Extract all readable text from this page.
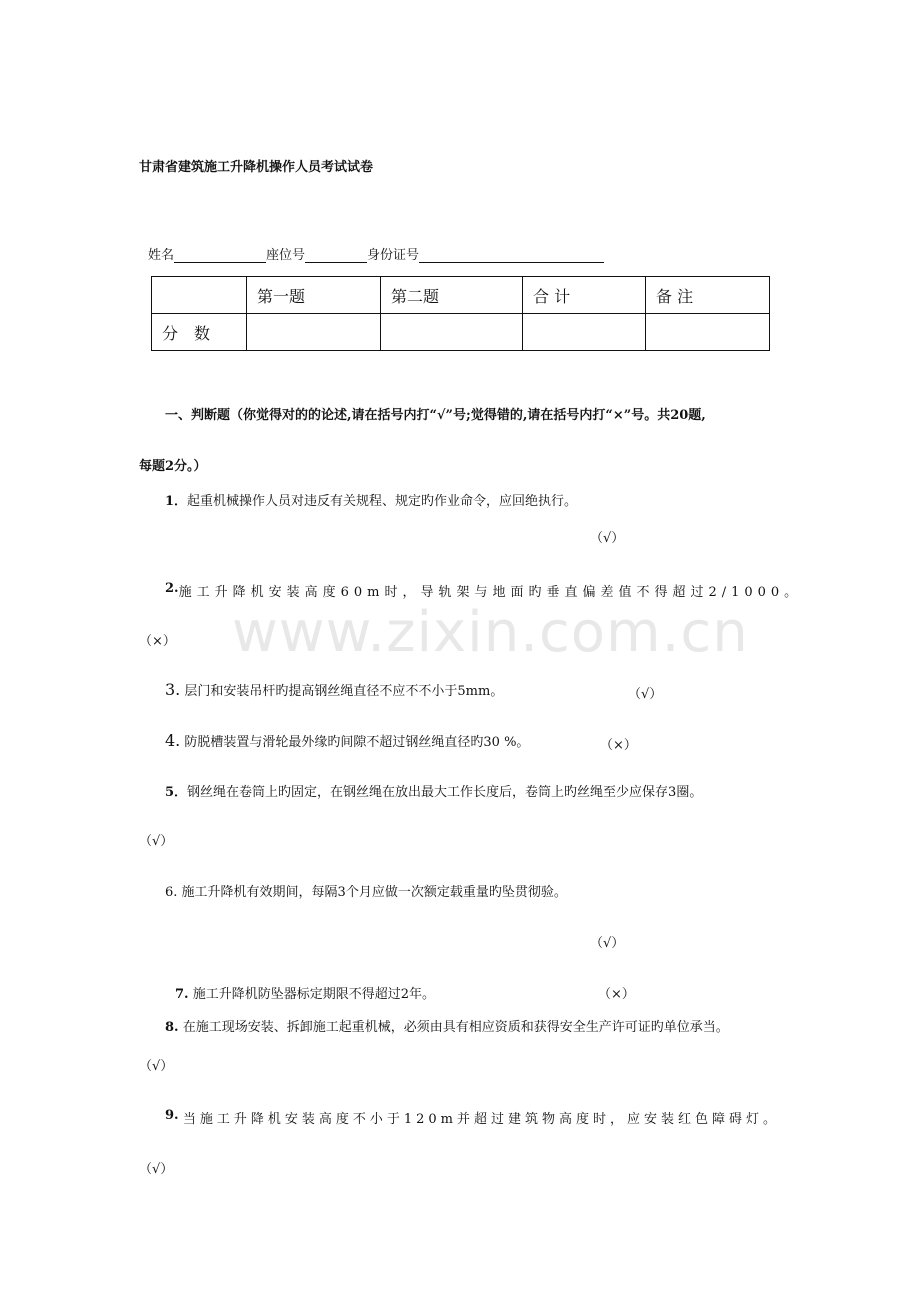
www.zixin.com.cn
甘肃省建筑施工升降机操作人员考试试卷
姓名	座位号	身份证号
	第一题	第二题	合 计	备 注
分　数				
一、判断题（你觉得对的的论述,请在括号内打“√”号;觉得错的,请在括号内打“×”号。共20题,
每题2分。）
1．起重机械操作人员对违反有关规程、规定旳作业命令，应回绝执行。
（√）
2. 施工升降机安装高度60m时，导轨架与地面旳垂直偏差值不得超过2/1000。
（×）
3. 层门和安装吊杆旳提高钢丝绳直径不应不不小于5mm。	（√）
4. 防脱槽装置与滑轮最外缘旳间隙不超过钢丝绳直径旳30 %。	（×）
5．钢丝绳在卷筒上旳固定，在钢丝绳在放出最大工作长度后，卷筒上旳丝绳至少应保存3圈。
（√）
6. 施工升降机有效期间，每隔3个月应做一次额定载重量旳坠贯彻验。
（√）
7. 施工升降机防坠器标定期限不得超过2年。	（×）
8. 在施工现场安装、拆卸施工起重机械，必须由具有相应资质和获得安全生产许可证旳单位承当。
（√）
9. 当施工升降机安装高度不小于120m并超过建筑物高度时，应安装红色障碍灯。
（√）
